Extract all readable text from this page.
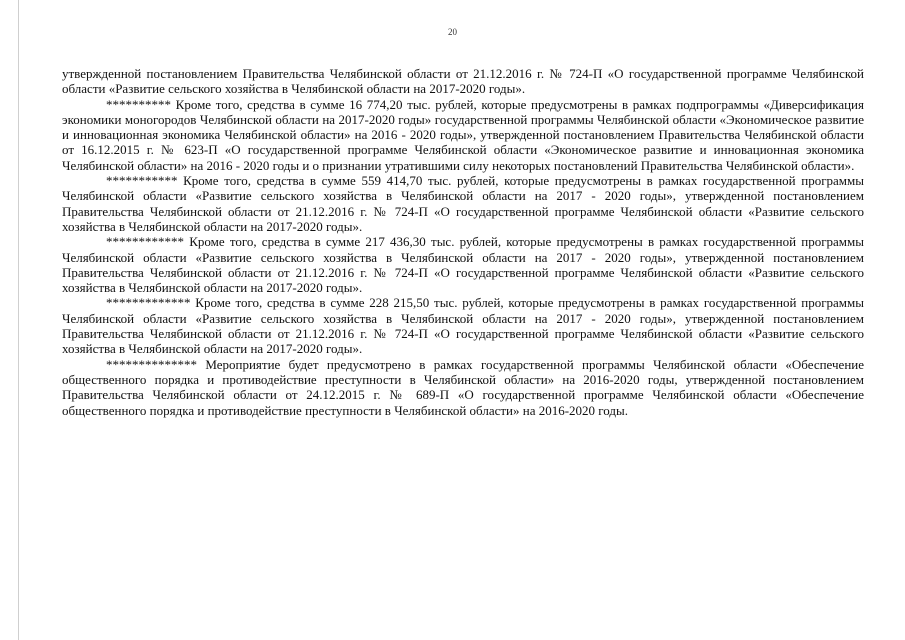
20

утвержденной постановлением Правительства Челябинской области от 21.12.2016 г. № 724-П «О государственной программе Челябинской области «Развитие сельского хозяйства в Челябинской области на 2017-2020 годы».

********** Кроме того, средства в сумме 16 774,20 тыс. рублей, которые предусмотрены в рамках подпрограммы «Диверсификация экономики моногородов Челябинской области на 2017-2020 годы» государственной программы Челябинской области «Экономическое развитие и инновационная экономика Челябинской области» на 2016 - 2020 годы», утвержденной постановлением Правительства Челябинской области от 16.12.2015 г. № 623-П «О государственной программе Челябинской области «Экономическое развитие и инновационная экономика Челябинской области» на 2016 - 2020 годы и о признании утратившими силу некоторых постановлений Правительства Челябинской области».

*********** Кроме того, средства в сумме 559 414,70 тыс. рублей, которые предусмотрены в рамках государственной программы Челябинской области «Развитие сельского хозяйства в Челябинской области на 2017 - 2020 годы», утвержденной постановлением Правительства Челябинской области от 21.12.2016 г. № 724-П «О государственной программе Челябинской области «Развитие сельского хозяйства в Челябинской области на 2017-2020 годы».

************ Кроме того, средства в сумме 217 436,30 тыс. рублей, которые предусмотрены в рамках государственной программы Челябинской области «Развитие сельского хозяйства в Челябинской области на 2017 - 2020 годы», утвержденной постановлением Правительства Челябинской области от 21.12.2016 г. № 724-П «О государственной программе Челябинской области «Развитие сельского хозяйства в Челябинской области на 2017-2020 годы».

************* Кроме того, средства в сумме 228 215,50 тыс. рублей, которые предусмотрены в рамках государственной программы Челябинской области «Развитие сельского хозяйства в Челябинской области на 2017 - 2020 годы», утвержденной постановлением Правительства Челябинской области от 21.12.2016 г. № 724-П «О государственной программе Челябинской области «Развитие сельского хозяйства в Челябинской области на 2017-2020 годы».

************** Мероприятие будет предусмотрено в рамках государственной программы Челябинской области «Обеспечение общественного порядка и противодействие преступности в Челябинской области» на 2016-2020 годы, утвержденной постановлением Правительства Челябинской области от 24.12.2015 г. № 689-П «О государственной программе Челябинской области «Обеспечение общественного порядка и противодействие преступности в Челябинской области» на 2016-2020 годы.
